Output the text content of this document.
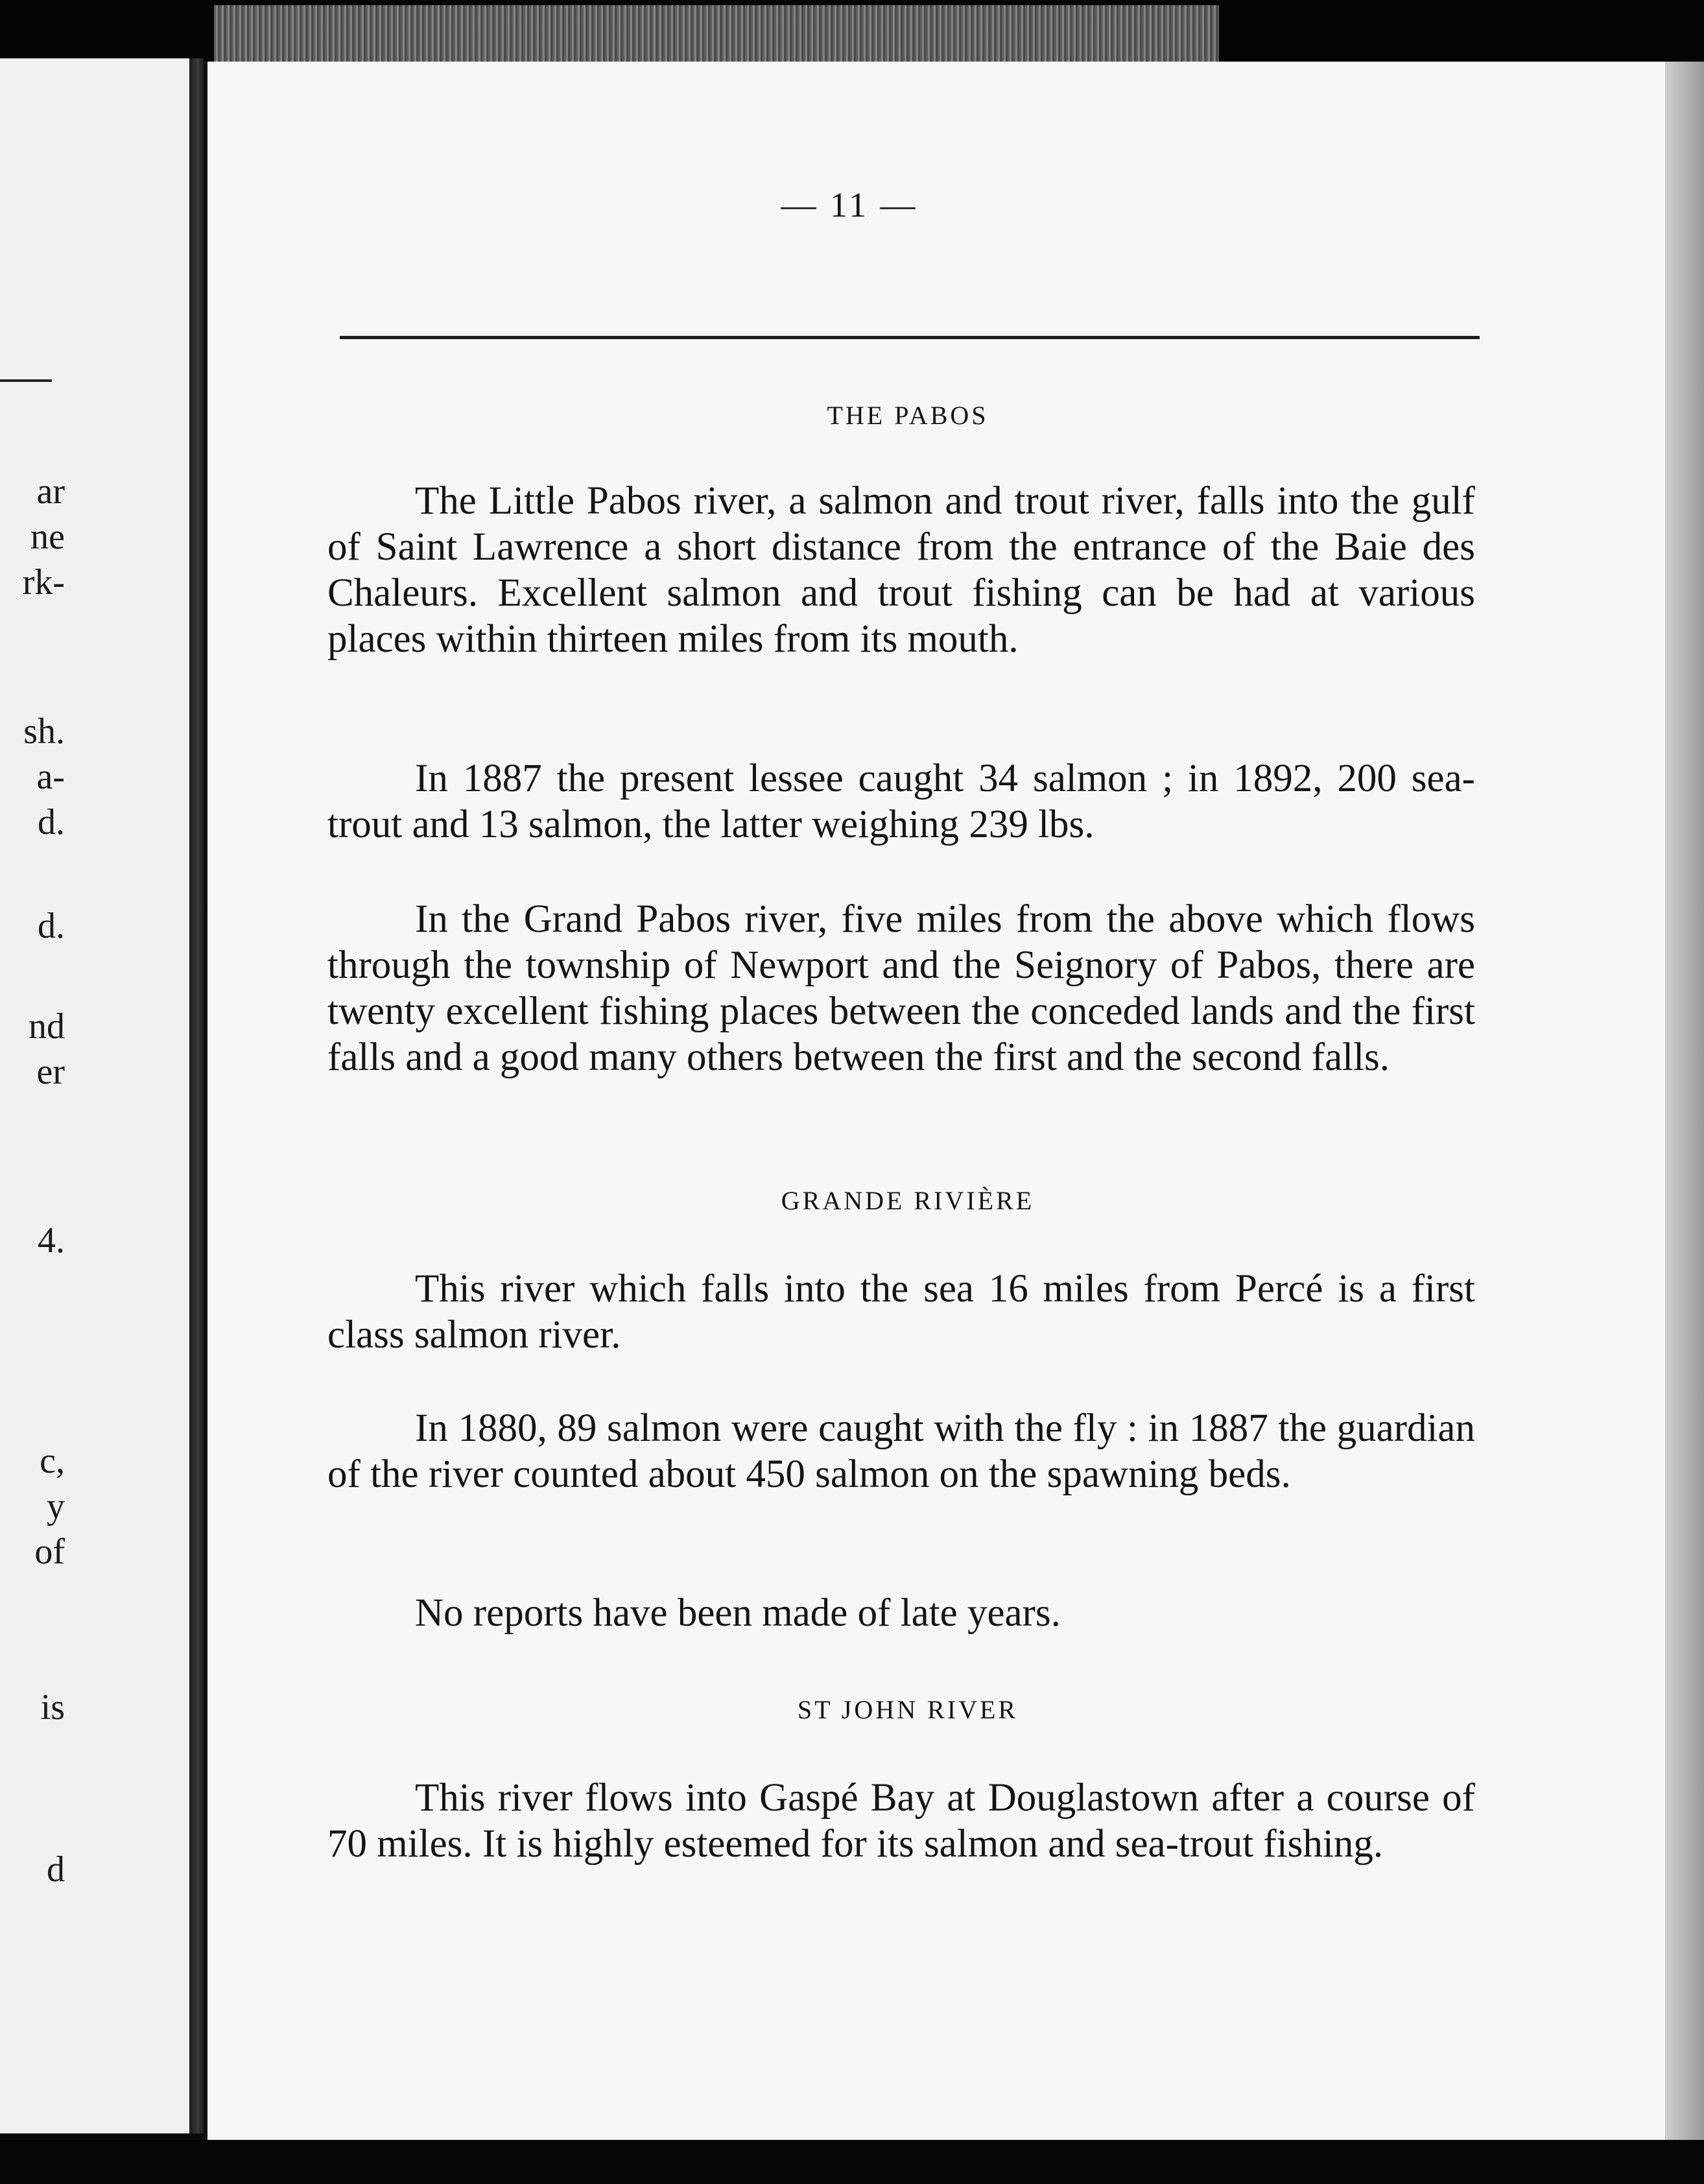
ar
ne
rk-
sh.
a-
d.
d.
nd
er
4.
c,
y
of
is
d
— 11 —
THE PABOS

The Little Pabos river, a salmon and trout river, falls into the gulf of Saint Lawrence a short distance from the entrance of the Baie des Chaleurs. Excellent salmon and trout fishing can be had at various places within thirteen miles from its mouth.

In 1887 the present lessee caught 34 salmon ; in 1892, 200 sea-trout and 13 salmon, the latter weighing 239 lbs.

In the Grand Pabos river, five miles from the above which flows through the township of Newport and the Seignory of Pabos, there are twenty excellent fishing places between the conceded lands and the first falls and a good many others between the first and the second falls.

GRANDE RIVIÈRE

This river which falls into the sea 16 miles from Percé is a first class salmon river.

In 1880, 89 salmon were caught with the fly : in 1887 the guardian of the river counted about 450 salmon on the spawning beds.

No reports have been made of late years.

ST JOHN RIVER

This river flows into Gaspé Bay at Douglastown after a course of 70 miles. It is highly esteemed for its salmon and sea-trout fishing.
